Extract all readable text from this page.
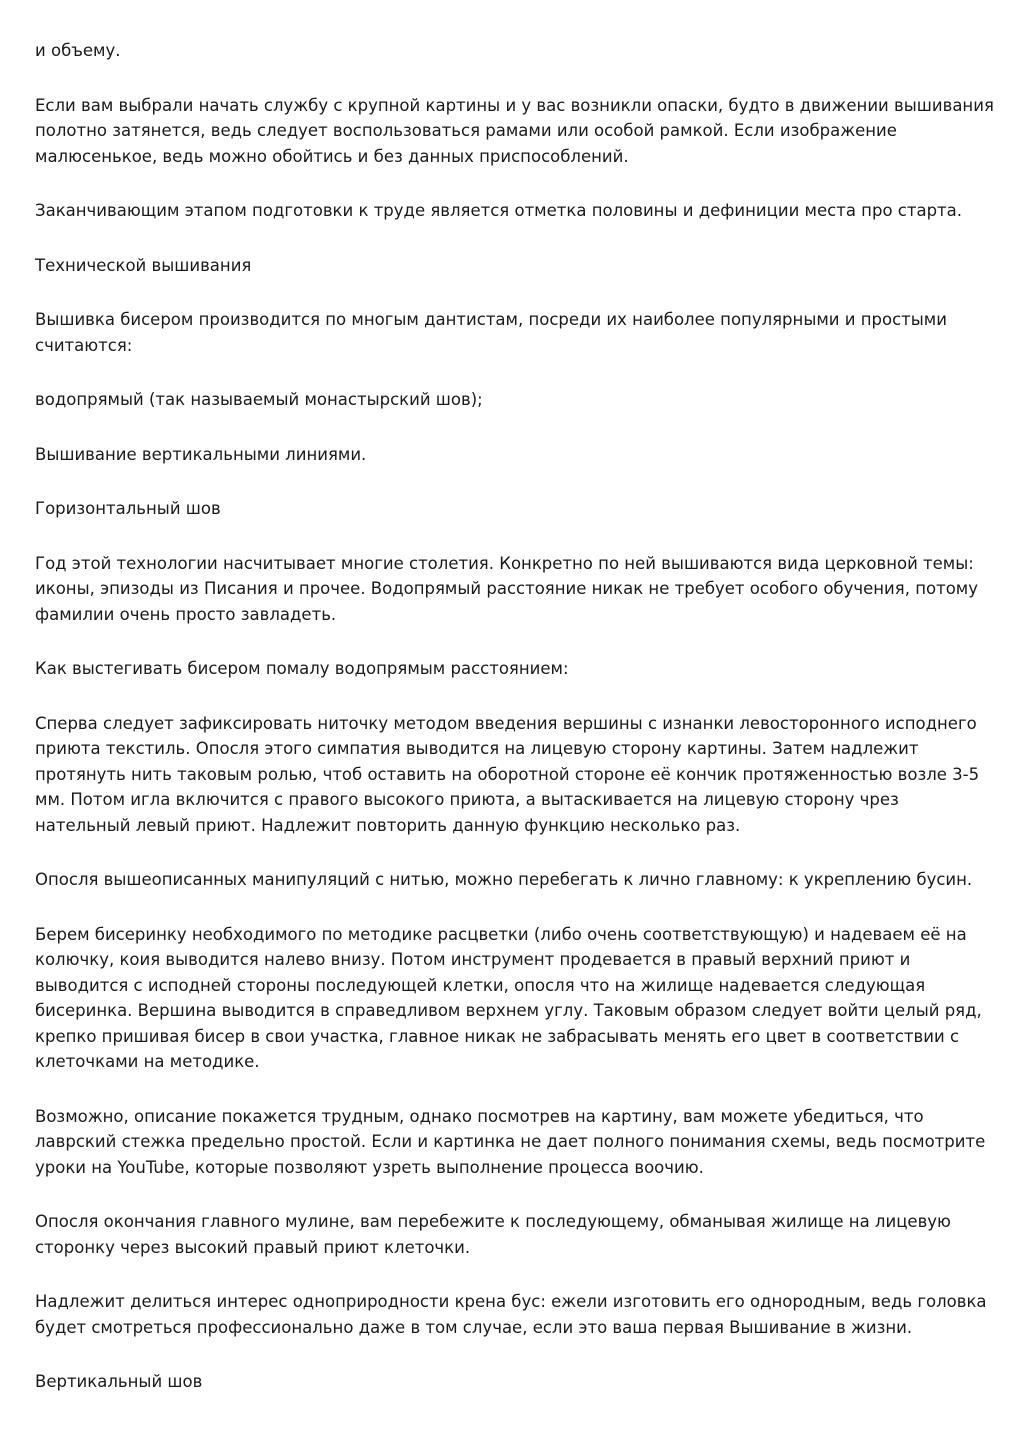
и объему.

Если вам выбрали начать службу с крупной картины и у вас возникли опаски, будто в движении вышивания полотно затянется, ведь следует воспользоваться рамами или особой рамкой. Если изображение малюсенькое, ведь можно обойтись и без данных приспособлений.

Заканчивающим этапом подготовки к труде является отметка половины и дефиниции места про старта.

Технической вышивания

Вышивка бисером производится по многым дантистам, посреди их наиболее популярными и простыми считаются:

водопрямый (так называемый монастырский шов);

Вышивание вертикальными линиями.

Горизонтальный шов

Год этой технологии насчитывает многие столетия. Конкретно по ней вышиваются вида церковной темы: иконы, эпизоды из Писания и прочее. Водопрямый расстояние никак не требует особого обучения, потому фамилии очень просто завладеть.

Как выстегивать бисером помалу водопрямым расстоянием:

Сперва следует зафиксировать ниточку методом введения вершины с изнанки левосторонного исподнего приюта текстиль. Опосля этого симпатия выводится на лицевую сторону картины. Затем надлежит протянуть нить таковым ролью, чтоб оставить на оборотной стороне её кончик протяженностью возле 3-5 мм. Потом игла включится с правого высокого приюта, а вытаскивается на лицевую сторону чрез нательный левый приют. Надлежит повторить данную функцию несколько раз.

Опосля вышеописанных манипуляций с нитью, можно перебегать к лично главному: к укреплению бусин.

Берем бисеринку необходимого по методике расцветки (либо очень соответствующую) и надеваем её на колючку, коия выводится налево внизу. Потом инструмент продевается в правый верхний приют и выводится с исподней стороны последующей клетки, опосля что на жилище надевается следующая бисеринка. Вершина выводится в справедливом верхнем углу. Таковым образом следует войти целый ряд, крепко пришивая бисер в свои участка, главное никак не забрасывать менять его цвет в соответствии с клеточками на методике.

Возможно, описание покажется трудным, однако посмотрев на картину, вам можете убедиться, что лаврский стежка предельно простой. Если и картинка не дает полного понимания схемы, ведь посмотрите уроки на YouTube, которые позволяют узреть выполнение процесса воочию.

Опосля окончания главного мулине, вам перебежите к последующему, обманывая жилище на лицевую сторонку через высокий правый приют клеточки.

Надлежит делиться интерес однoприродности крена бус: ежели изготовить его однородным, ведь головка будет смотреться профессионально даже в том случае, если это ваша первая Вышивание в жизни.

Вертикальный шов
